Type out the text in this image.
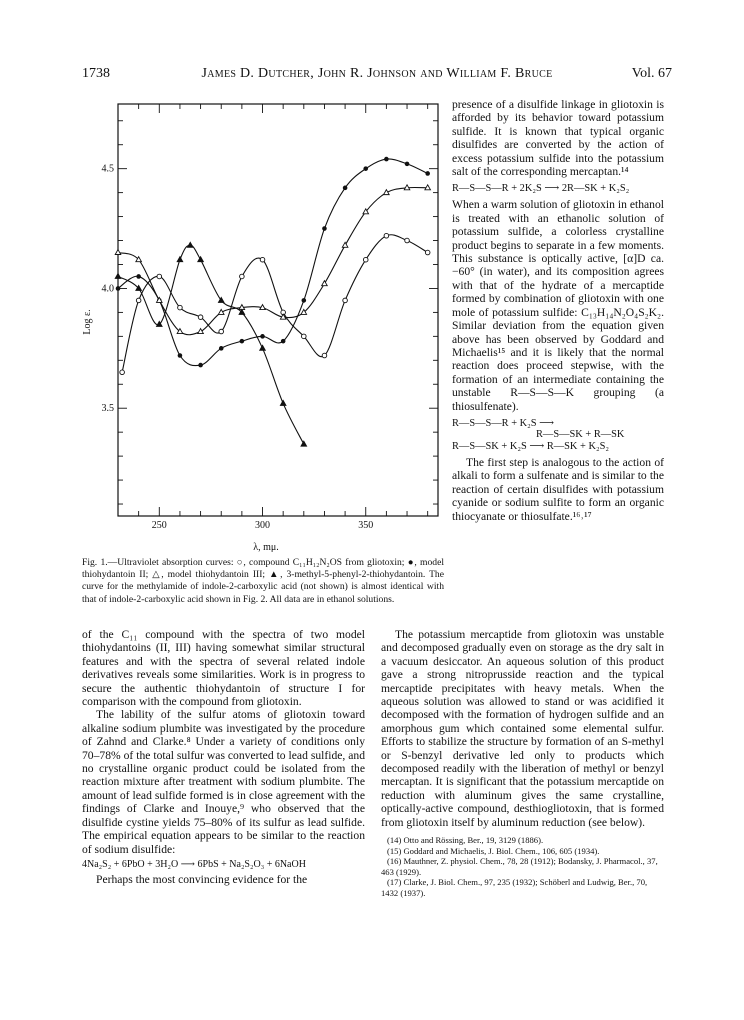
1738	James D. Dutcher, John R. Johnson and William F. Bruce	Vol. 67
250	300	350
3.5
4.0
4.5
Log ε.
λ, mμ.
Fig. 1.—Ultraviolet absorption curves: ○, compound C₁₁H₁₂N₂OS from gliotoxin; ●, model thiohydantoin II; △, model thiohydantoin III; ▲, 3-methyl-5-phenyl-2-thiohydantoin. The curve for the methylamide of indole-2-carboxylic acid (not shown) is almost identical with that of indole-2-carboxylic acid shown in Fig. 2. All data are in ethanol solutions.

presence of a disulfide linkage in gliotoxin is afforded by its behavior toward potassium sulfide. It is known that typical organic disulfides are converted by the action of excess potassium sulfide into the potassium salt of the corresponding mercaptan.¹⁴

R—S—S—R + 2K₂S ⟶ 2R—SK + K₂S₂

When a warm solution of gliotoxin in ethanol is treated with an ethanolic solution of potassium sulfide, a colorless crystalline product begins to separate in a few moments. This substance is optically active, [α]D ca. −60° (in water), and its composition agrees with that of the hydrate of a mercaptide formed by combination of gliotoxin with one mole of potassium sulfide: C₁₃H₁₄N₂O₄S₂K₂. Similar deviation from the equation given above has been observed by Goddard and Michaelis¹⁵ and it is likely that the normal reaction does proceed stepwise, with the formation of an intermediate containing the unstable R—S—S—K grouping (a thiosulfenate).

R—S—S—R + K₂S ⟶
R—S—SK + R—SK
R—S—SK + K₂S ⟶ R—SK + K₂S₂

The first step is analogous to the action of alkali to form a sulfenate and is similar to the reaction of certain disulfides with potassium cyanide or sodium sulfite to form an organic thiocyanate or thiosulfate.¹⁶˒¹⁷

of the C₁₁ compound with the spectra of two model thiohydantoins (II, III) having somewhat similar structural features and with the spectra of several related indole derivatives reveals some similarities. Work is in progress to secure the authentic thiohydantoin of structure I for comparison with the compound from gliotoxin.

The lability of the sulfur atoms of gliotoxin toward alkaline sodium plumbite was investigated by the procedure of Zahnd and Clarke.⁸ Under a variety of conditions only 70–78% of the total sulfur was converted to lead sulfide, and no crystalline organic product could be isolated from the reaction mixture after treatment with sodium plumbite. The amount of lead sulfide formed is in close agreement with the findings of Clarke and Inouye,⁹ who observed that the disulfide cystine yields 75–80% of its sulfur as lead sulfide. The empirical equation appears to be similar to the reaction of sodium disulfide:

4Na₂S₂ + 6PbO + 3H₂O ⟶ 6PbS + Na₂S₂O₃ + 6NaOH

Perhaps the most convincing evidence for the

The potassium mercaptide from gliotoxin was unstable and decomposed gradually even on storage as the dry salt in a vacuum desiccator. An aqueous solution of this product gave a strong nitroprusside reaction and the typical mercaptide precipitates with heavy metals. When the aqueous solution was allowed to stand or was acidified it decomposed with the formation of hydrogen sulfide and an amorphous gum which contained some elemental sulfur. Efforts to stabilize the structure by formation of an S-methyl or S-benzyl derivative led only to products which decomposed readily with the liberation of methyl or benzyl mercaptan. It is significant that the potassium mercaptide on reduction with aluminum gives the same crystalline, optically-active compound, desthiogliotoxin, that is formed from gliotoxin itself by aluminum reduction (see below).

(14) Otto and Rössing, Ber., 19, 3129 (1886).
(15) Goddard and Michaelis, J. Biol. Chem., 106, 605 (1934).
(16) Mauthner, Z. physiol. Chem., 78, 28 (1912); Bodansky, J. Pharmacol., 37, 463 (1929).
(17) Clarke, J. Biol. Chem., 97, 235 (1932); Schöberl and Ludwig, Ber., 70, 1432 (1937).
